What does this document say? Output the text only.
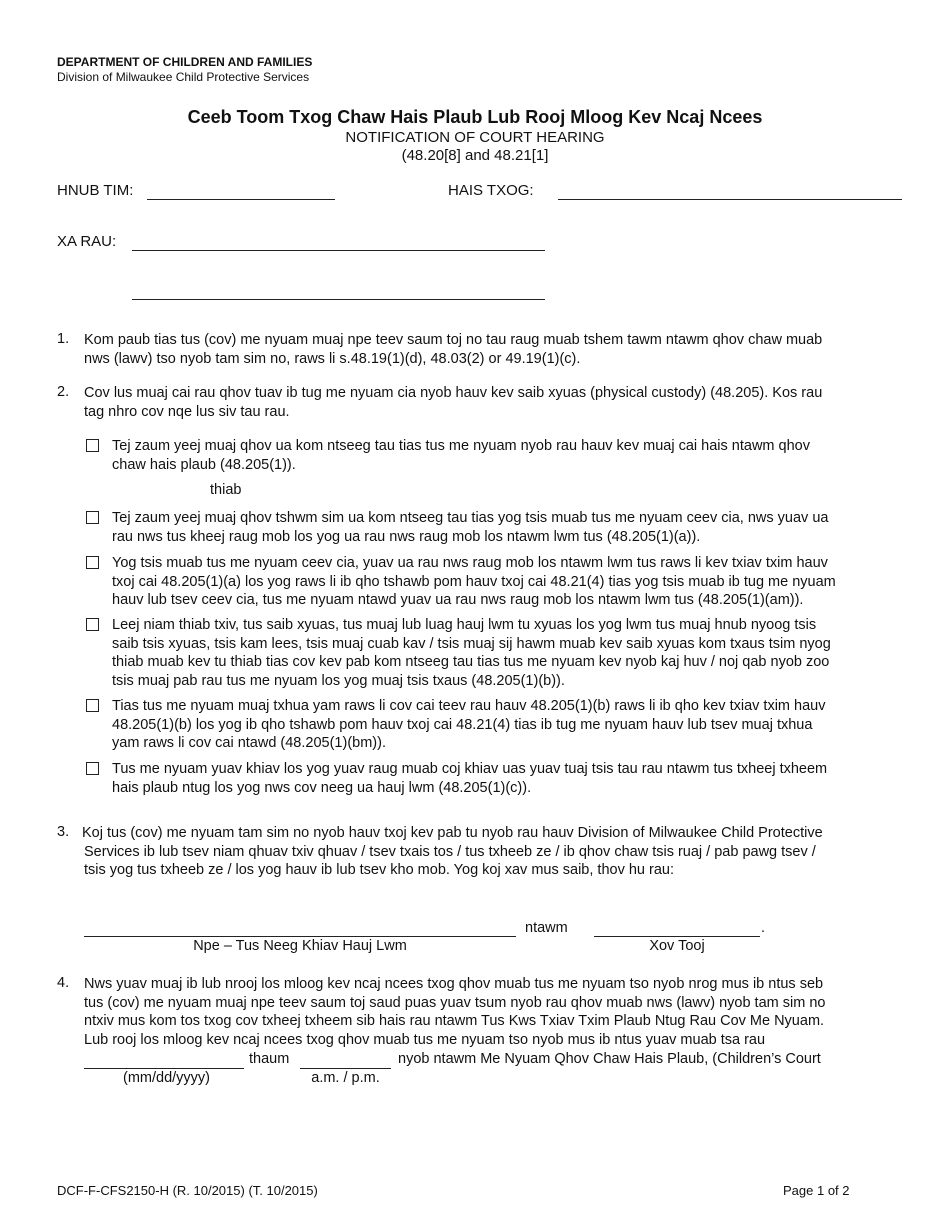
DEPARTMENT OF CHILDREN AND FAMILIES
Division of Milwaukee Child Protective Services
Ceeb Toom Txog Chaw Hais Plaub Lub Rooj Mloog Kev Ncaj Ncees
NOTIFICATION OF COURT HEARING
(48.20[8] and 48.21[1]
HNUB TIM:	HAIS TXOG:
XA RAU:
1. Kom paub tias tus (cov) me nyuam muaj npe teev saum toj no tau raug muab tshem tawm ntawm qhov chaw muab
nws (lawv) tso nyob tam sim no, raws li s.48.19(1)(d), 48.03(2) or 49.19(1)(c).
2. Cov lus muaj cai rau qhov tuav ib tug me nyuam cia nyob hauv kev saib xyuas (physical custody) (48.205). Kos rau
tag nhro cov nqe lus siv tau rau.
Tej zaum yeej muaj qhov ua kom ntseeg tau tias tus me nyuam nyob rau hauv kev muaj cai hais ntawm qhov
chaw hais plaub (48.205(1)).
thiab
Tej zaum yeej muaj qhov tshwm sim ua kom ntseeg tau tias yog tsis muab tus me nyuam ceev cia, nws yuav ua
rau nws tus kheej raug mob los yog ua rau nws raug mob los ntawm lwm tus (48.205(1)(a)).
Yog tsis muab tus me nyuam ceev cia, yuav ua rau nws raug mob los ntawm lwm tus raws li kev txiav txim hauv
txoj cai 48.205(1)(a) los yog raws li ib qho tshawb pom hauv txoj cai 48.21(4) tias yog tsis muab ib tug me nyuam
hauv lub tsev ceev cia, tus me nyuam ntawd yuav ua rau nws raug mob los ntawm lwm tus (48.205(1)(am)).
Leej niam thiab txiv, tus saib xyuas, tus muaj lub luag hauj lwm tu xyuas los yog lwm tus muaj hnub nyoog tsis
saib tsis xyuas, tsis kam lees, tsis muaj cuab kav / tsis muaj sij hawm muab kev saib xyuas kom txaus tsim nyog
thiab muab kev tu thiab tias cov kev pab kom ntseeg tau tias tus me nyuam kev nyob kaj huv / noj qab nyob zoo
tsis muaj pab rau tus me nyuam los yog muaj tsis txaus (48.205(1)(b)).
Tias tus me nyuam muaj txhua yam raws li cov cai teev rau hauv 48.205(1)(b) raws li ib qho kev txiav txim hauv
48.205(1)(b) los yog ib qho tshawb pom hauv txoj cai 48.21(4) tias ib tug me nyuam hauv lub tsev muaj txhua
yam raws li cov cai ntawd (48.205(1)(bm)).
Tus me nyuam yuav khiav los yog yuav raug muab coj khiav uas yuav tuaj tsis tau rau ntawm tus txheej txheem
hais plaub ntug los yog nws cov neeg ua hauj lwm (48.205(1)(c)).
3. Koj tus (cov) me nyuam tam sim no nyob hauv txoj kev pab tu nyob rau hauv Division of Milwaukee Child Protective
Services ib lub tsev niam qhuav txiv qhuav / tsev txais tos / tus txheeb ze / ib qhov chaw tsis ruaj / pab pawg tsev /
tsis yog tus txheeb ze / los yog hauv ib lub tsev kho mob. Yog koj xav mus saib, thov hu rau:
ntawm	.
Npe – Tus Neeg Khiav Hauj Lwm	Xov Tooj
4. Nws yuav muaj ib lub nrooj los mloog kev ncaj ncees txog qhov muab tus me nyuam tso nyob nrog mus ib ntus seb
tus (cov) me nyuam muaj npe teev saum toj saud puas yuav tsum nyob rau qhov muab nws (lawv) nyob tam sim no
ntxiv mus kom tos txog cov txheej txheem sib hais rau ntawm Tus Kws Txiav Txim Plaub Ntug Rau Cov Me Nyuam.
Lub rooj los mloog kev ncaj ncees txog qhov muab tus me nyuam tso nyob mus ib ntus yuav muab tsa rau
thaum	nyob ntawm Me Nyuam Qhov Chaw Hais Plaub, (Children’s Court
(mm/dd/yyyy)	a.m. / p.m.
DCF-F-CFS2150-H (R. 10/2015) (T. 10/2015)	Page 1 of 2
